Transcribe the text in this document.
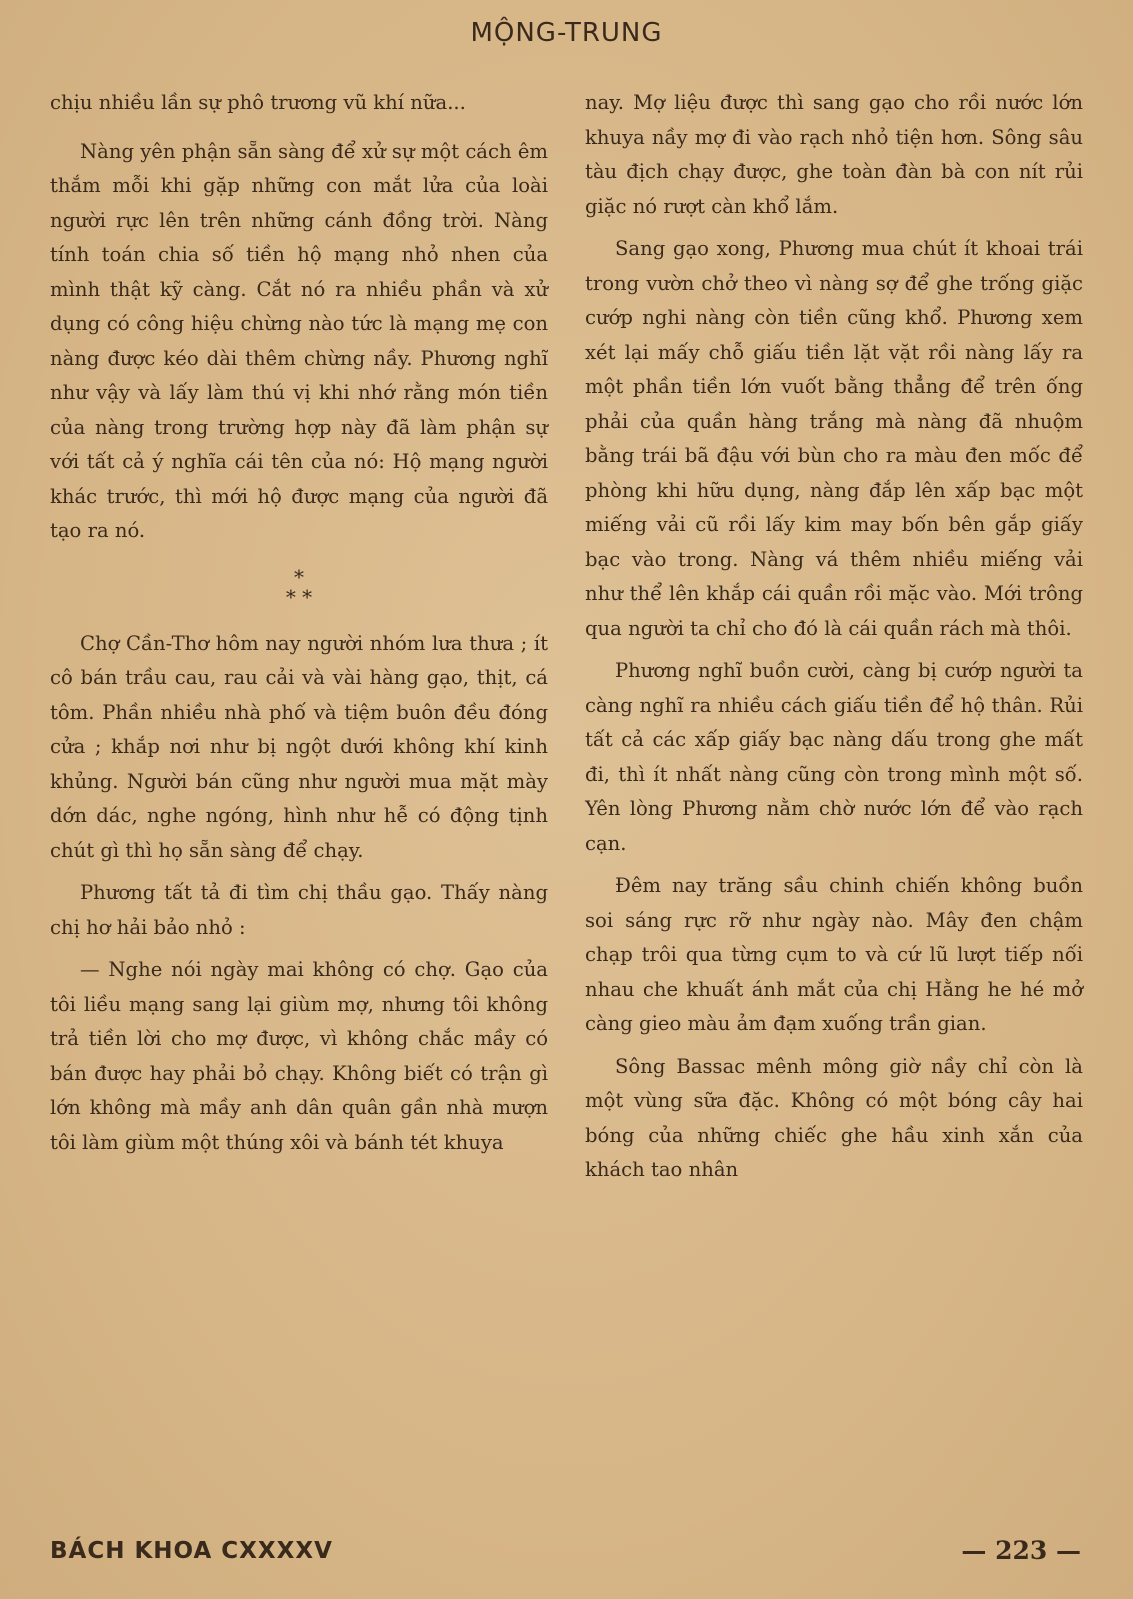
MỘNG-TRUNG

chịu nhiều lần sự phô trương vũ khí nữa...

Nàng yên phận sẵn sàng để xử sự một cách êm thắm mỗi khi gặp những con mắt lửa của loài người rực lên trên những cánh đồng trời. Nàng tính toán chia số tiền hộ mạng nhỏ nhen của mình thật kỹ càng. Cắt nó ra nhiều phần và xử dụng có công hiệu chừng nào tức là mạng mẹ con nàng được kéo dài thêm chừng nầy. Phương nghĩ như vậy và lấy làm thú vị khi nhớ rằng món tiền của nàng trong trường hợp này đã làm phận sự với tất cả ý nghĩa cái tên của nó: Hộ mạng người khác trước, thì mới hộ được mạng của người đã tạo ra nó.

*
* *

Chợ Cần-Thơ hôm nay người nhóm lưa thưa ; ít cô bán trầu cau, rau cải và vài hàng gạo, thịt, cá tôm. Phần nhiều nhà phố và tiệm buôn đều đóng cửa ; khắp nơi như bị ngột dưới không khí kinh khủng. Người bán cũng như người mua mặt mày dớn dác, nghe ngóng, hình như hễ có động tịnh chút gì thì họ sẵn sàng để chạy.

Phương tất tả đi tìm chị thầu gạo. Thấy nàng chị hơ hải bảo nhỏ :

— Nghe nói ngày mai không có chợ. Gạo của tôi liều mạng sang lại giùm mợ, nhưng tôi không trả tiền lời cho mợ được, vì không chắc mầy có bán được hay phải bỏ chạy. Không biết có trận gì lớn không mà mầy anh dân quân gần nhà mượn tôi làm giùm một thúng xôi và bánh tét khuya

nay. Mợ liệu được thì sang gạo cho rồi nước lớn khuya nầy mợ đi vào rạch nhỏ tiện hơn. Sông sâu tàu địch chạy được, ghe toàn đàn bà con nít rủi giặc nó rượt càn khổ lắm.

Sang gạo xong, Phương mua chút ít khoai trái trong vườn chở theo vì nàng sợ để ghe trống giặc cướp nghi nàng còn tiền cũng khổ. Phương xem xét lại mấy chỗ giấu tiền lặt vặt rồi nàng lấy ra một phần tiền lớn vuốt bằng thẳng để trên ống phải của quần hàng trắng mà nàng đã nhuộm bằng trái bã đậu với bùn cho ra màu đen mốc để phòng khi hữu dụng, nàng đắp lên xấp bạc một miếng vải cũ rồi lấy kim may bốn bên gắp giấy bạc vào trong. Nàng vá thêm nhiều miếng vải như thể lên khắp cái quần rồi mặc vào. Mới trông qua người ta chỉ cho đó là cái quần rách mà thôi.

Phương nghĩ buồn cười, càng bị cướp người ta càng nghĩ ra nhiều cách giấu tiền để hộ thân. Rủi tất cả các xấp giấy bạc nàng dấu trong ghe mất đi, thì ít nhất nàng cũng còn trong mình một số. Yên lòng Phương nằm chờ nước lớn để vào rạch cạn.

Đêm nay trăng sầu chinh chiến không buồn soi sáng rực rỡ như ngày nào. Mây đen chậm chạp trôi qua từng cụm to và cứ lũ lượt tiếp nối nhau che khuất ánh mắt của chị Hằng he hé mở càng gieo màu ảm đạm xuống trần gian.

Sông Bassac mênh mông giờ nầy chỉ còn là một vùng sữa đặc. Không có một bóng cây hai bóng của những chiếc ghe hầu xinh xắn của khách tao nhân

BÁCH KHOA CXXXXV	— 223 —
